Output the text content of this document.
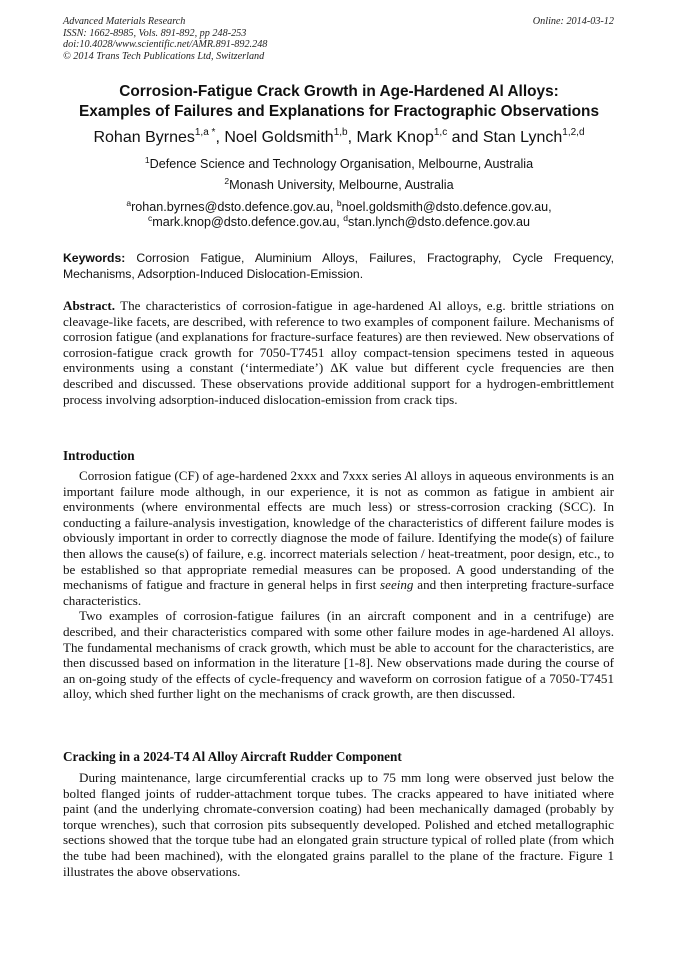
Advanced Materials Research
ISSN: 1662-8985, Vols. 891-892, pp 248-253
doi:10.4028/www.scientific.net/AMR.891-892.248
© 2014 Trans Tech Publications Ltd, Switzerland
Online: 2014-03-12
Corrosion-Fatigue Crack Growth in Age-Hardened Al Alloys:
Examples of Failures and Explanations for Fractographic Observations
Rohan Byrnes$^{1,a *}$, Noel Goldsmith$^{1,b}$, Mark Knop$^{1,c}$ and Stan Lynch$^{1,2,d}$
$^1$Defence Science and Technology Organisation, Melbourne, Australia
$^2$Monash University, Melbourne, Australia
$^a$rohan.byrnes@dsto.defence.gov.au, $^b$noel.goldsmith@dsto.defence.gov.au,
$^c$mark.knop@dsto.defence.gov.au, $^d$stan.lynch@dsto.defence.gov.au
Keywords: Corrosion Fatigue, Aluminium Alloys, Failures, Fractography, Cycle Frequency, Mechanisms, Adsorption-Induced Dislocation-Emission.

Abstract. The characteristics of corrosion-fatigue in age-hardened Al alloys, e.g. brittle striations on cleavage-like facets, are described, with reference to two examples of component failure. Mechanisms of corrosion fatigue (and explanations for fracture-surface features) are then reviewed. New observations of corrosion-fatigue crack growth for 7050-T7451 alloy compact-tension specimens tested in aqueous environments using a constant (‘intermediate’) ΔK value but different cycle frequencies are then described and discussed. These observations provide additional support for a hydrogen-embrittlement process involving adsorption-induced dislocation-emission from crack tips.

Introduction

Corrosion fatigue (CF) of age-hardened 2xxx and 7xxx series Al alloys in aqueous environments is an important failure mode although, in our experience, it is not as common as fatigue in ambient air environments (where environmental effects are much less) or stress-corrosion cracking (SCC). In conducting a failure-analysis investigation, knowledge of the characteristics of different failure modes is obviously important in order to correctly diagnose the mode of failure. Identifying the mode(s) of failure then allows the cause(s) of failure, e.g. incorrect materials selection / heat-treatment, poor design, etc., to be established so that appropriate remedial measures can be proposed. A good understanding of the mechanisms of fatigue and fracture in general helps in first seeing and then interpreting fracture-surface characteristics.

Two examples of corrosion-fatigue failures (in an aircraft component and in a centrifuge) are described, and their characteristics compared with some other failure modes in age-hardened Al alloys. The fundamental mechanisms of crack growth, which must be able to account for the characteristics, are then discussed based on information in the literature [1-8]. New observations made during the course of an on-going study of the effects of cycle-frequency and waveform on corrosion fatigue of a 7050-T7451 alloy, which shed further light on the mechanisms of crack growth, are then discussed.

Cracking in a 2024-T4 Al Alloy Aircraft Rudder Component

During maintenance, large circumferential cracks up to 75 mm long were observed just below the bolted flanged joints of rudder-attachment torque tubes. The cracks appeared to have initiated where paint (and the underlying chromate-conversion coating) had been mechanically damaged (probably by torque wrenches), such that corrosion pits subsequently developed. Polished and etched metallographic sections showed that the torque tube had an elongated grain structure typical of rolled plate (from which the tube had been machined), with the elongated grains parallel to the plane of the fracture. Figure 1 illustrates the above observations.
